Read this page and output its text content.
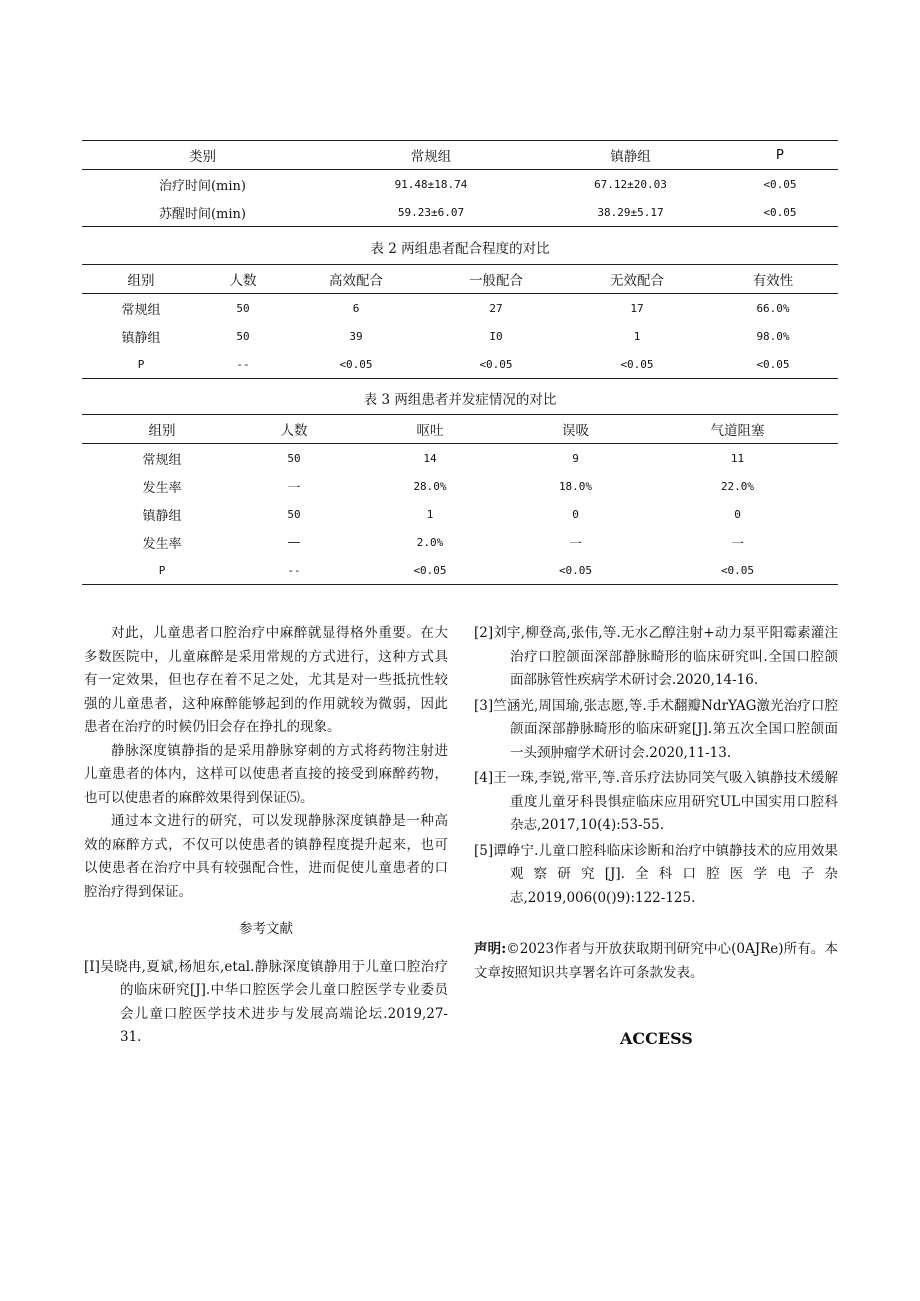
类别	常规组	镇静组	P
治疗时间(min)	91.48±18.74	67.12±20.03	<0.05
苏醒时间(min)	59.23±6.07	38.29±5.17	<0.05

表 2 两组患者配合程度的对比
组别	人数	高效配合	一般配合	无效配合	有效性
常规组	50	6	27	17	66.0%
镇静组	50	39	I0	1	98.0%
P	--	<0.05	<0.05	<0.05	<0.05

表 3 两组患者并发症情况的对比
组别	人数	呕吐	误吸	气道阻塞
常规组	50	14	9	11
发生率	一	28.0%	18.0%	22.0%
镇静组	50	1	0	0
发生率	—	2.0%	一	一
P	--	<0.05	<0.05	<0.05

对此，儿童患者口腔治疗中麻醉就显得格外重要。在大多数医院中，儿童麻醉是采用常规的方式进行，这种方式具有一定效果，但也存在着不足之处，尤其是对一些抵抗性较强的儿童患者，这种麻醉能够起到的作用就较为微弱，因此患者在治疗的时候仍旧会存在挣扎的现象。

静脉深度镇静指的是采用静脉穿刺的方式将药物注射进儿童患者的体内，这样可以使患者直接的接受到麻醉药物，也可以使患者的麻醉效果得到保证⑸。

通过本文进行的研究，可以发现静脉深度镇静是一种高效的麻醉方式，不仅可以使患者的镇静程度提升起来，也可以使患者在治疗中具有较强配合性，进而促使儿童患者的口腔治疗得到保证。

参考文献

[I]吴晓冉,夏斌,杨旭东,etal.静脉深度镇静用于儿童口腔治疗的临床研究[J].中华口腔医学会儿童口腔医学专业委员会儿童口腔医学技术进步与发展高端论坛.2019,27-31.

[2]刘宇,柳登高,张伟,等.无水乙醇注射+动力泵平阳霉素灌注治疗口腔颌面深部静脉畸形的临床研究叫.全国口腔颌面部脉管性疾病学术研讨会.2020,14-16.

[3]竺涵光,周国瑜,张志愿,等.手术翻瓣NdrYAG激光治疗口腔颌面深部静脉畸形的临床研窕[J].第五次全国口腔颌面一头颈肿瘤学术研讨会.2020,11-13.

[4]王一珠,李锐,常平,等.音乐疗法协同笑气吸入镇静技术缓解重度儿童牙科畏惧症临床应用研究UL中国实用口腔科杂志,2017,10(4):53-55.

[5]谭峥宁.儿童口腔科临床诊断和治疗中镇静技术的应用效果观察研究[J].全科口腔医学电子杂志,2019,006(0()9):122-125.

声明:©2023作者与开放获取期刊研究中心(0AJRe)所有。本文章按照知识共享署名许可条款发表。

ACCESS
